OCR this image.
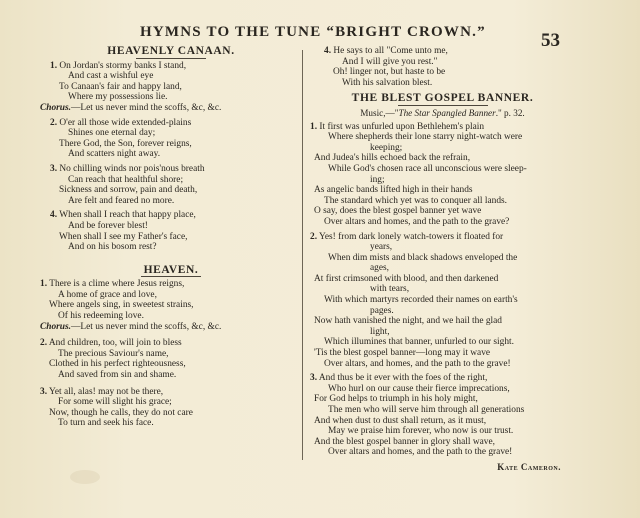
HYMNS TO THE TUNE “BRIGHT CROWN.”	53
HEAVENLY CANAAN.
1. On Jordan's stormy banks I stand,
And cast a wishful eye
To Canaan's fair and happy land,
Where my possessions lie.
Chorus.—Let us never mind the scoffs, &c, &c.
2. O'er all those wide extended-plains
Shines one eternal day;
There God, the Son, forever reigns,
And scatters night away.
3. No chilling winds nor pois'nous breath
Can reach that healthful shore;
Sickness and sorrow, pain and death,
Are felt and feared no more.
4. When shall I reach that happy place,
And be forever blest!
When shall I see my Father's face,
And on his bosom rest?
HEAVEN.
1. There is a clime where Jesus reigns,
A home of grace and love,
Where angels sing, in sweetest strains,
Of his redeeming love.
Chorus.—Let us never mind the scoffs, &c, &c.
2. And children, too, will join to bless
The precious Saviour's name,
Clothed in his perfect righteousness,
And saved from sin and shame.
3. Yet all, alas! may not be there,
For some will slight his grace;
Now, though he calls, they do not care
To turn and seek his face.
4. He says to all "Come unto me,
And I will give you rest."
Oh! linger not, but haste to be
With his salvation blest.
THE BLEST GOSPEL BANNER.
Music,—"The Star Spangled Banner." p. 32.
1. It first was unfurled upon Bethlehem's plain
Where shepherds their lone starry night-watch were
keeping;
And Judea's hills echoed back the refrain,
While God's chosen race all unconscious were sleep-
ing;
As angelic bands lifted high in their hands
The standard which yet was to conquer all lands.
O say, does the blest gospel banner yet wave
Over altars and homes, and the path to the grave?
2. Yes! from dark lonely watch-towers it floated for
years,
When dim mists and black shadows enveloped the
ages,
At first crimsoned with blood, and then darkened
with tears,
With which martyrs recorded their names on earth's
pages.
Now hath vanished the night, and we hail the glad
light,
Which illumines that banner, unfurled to our sight.
'Tis the blest gospel banner—long may it wave
Over altars, and homes, and the path to the grave!
3. And thus be it ever with the foes of the right,
Who hurl on our cause their fierce imprecations,
For God helps to triumph in his holy might,
The men who will serve him through all generations
And when dust to dust shall return, as it must,
May we praise him forever, who now is our trust.
And the blest gospel banner in glory shall wave,
Over altars and homes, and the path to the grave!
Kate Cameron.
